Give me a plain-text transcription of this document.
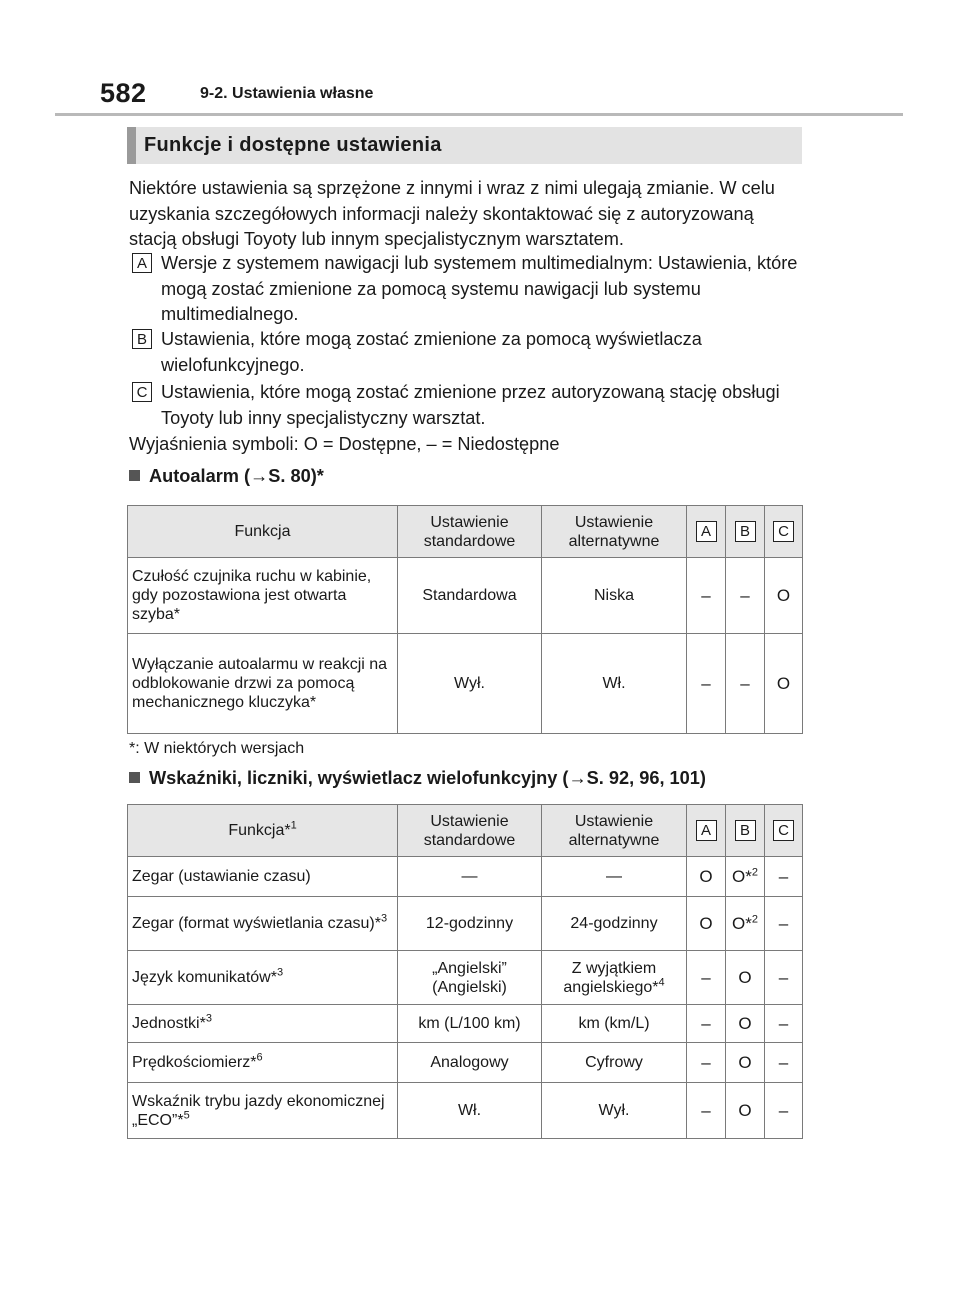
582	9-2. Ustawienia własne
Funkcje i dostępne ustawienia

Niektóre ustawienia są sprzężone z innymi i wraz z nimi ulegają zmianie. W celu uzyskania szczegółowych informacji należy skontaktować się z autoryzowaną stacją obsługi Toyoty lub innym specjalistycznym warsztatem.

A Wersje z systemem nawigacji lub systemem multimedialnym: Ustawienia, które mogą zostać zmienione za pomocą systemu nawigacji lub systemu multimedialnego.
B Ustawienia, które mogą zostać zmienione za pomocą wyświetlacza wielofunkcyjnego.
C Ustawienia, które mogą zostać zmienione przez autoryzowaną stację obsługi Toyoty lub inny specjalistyczny warsztat.
Wyjaśnienia symboli: O = Dostępne, – = Niedostępne
Autoalarm (→S. 80)*
Funkcja	Ustawienie standardowe	Ustawienie alternatywne	A	B	C
Czułość czujnika ruchu w kabinie, gdy pozostawiona jest otwarta szyba*	Standardowa	Niska	–	–	O
Wyłączanie autoalarmu w reakcji na odblokowanie drzwi za pomocą mechanicznego kluczyka*	Wył.	Wł.	–	–	O
*: W niektórych wersjach
Wskaźniki, liczniki, wyświetlacz wielofunkcyjny (→S. 92, 96, 101)
Funkcja*$^1$	Ustawienie standardowe	Ustawienie alternatywne	A	B	C
Zegar (ustawianie czasu)	—	—	O	O*$^2$	–
Zegar (format wyświetlania czasu)*$^3$	12-godzinny	24-godzinny	O	O*$^2$	–
Język komunikatów*$^3$	„Angielski” (Angielski)	Z wyjątkiem angielskiego*$^4$	–	O	–
Jednostki*$^3$	km (L/100 km)	km (km/L)	–	O	–
Prędkościomierz*$^6$	Analogowy	Cyfrowy	–	O	–
Wskaźnik trybu jazdy ekonomicznej „ECO”*$^5$	Wł.	Wył.	–	O	–
